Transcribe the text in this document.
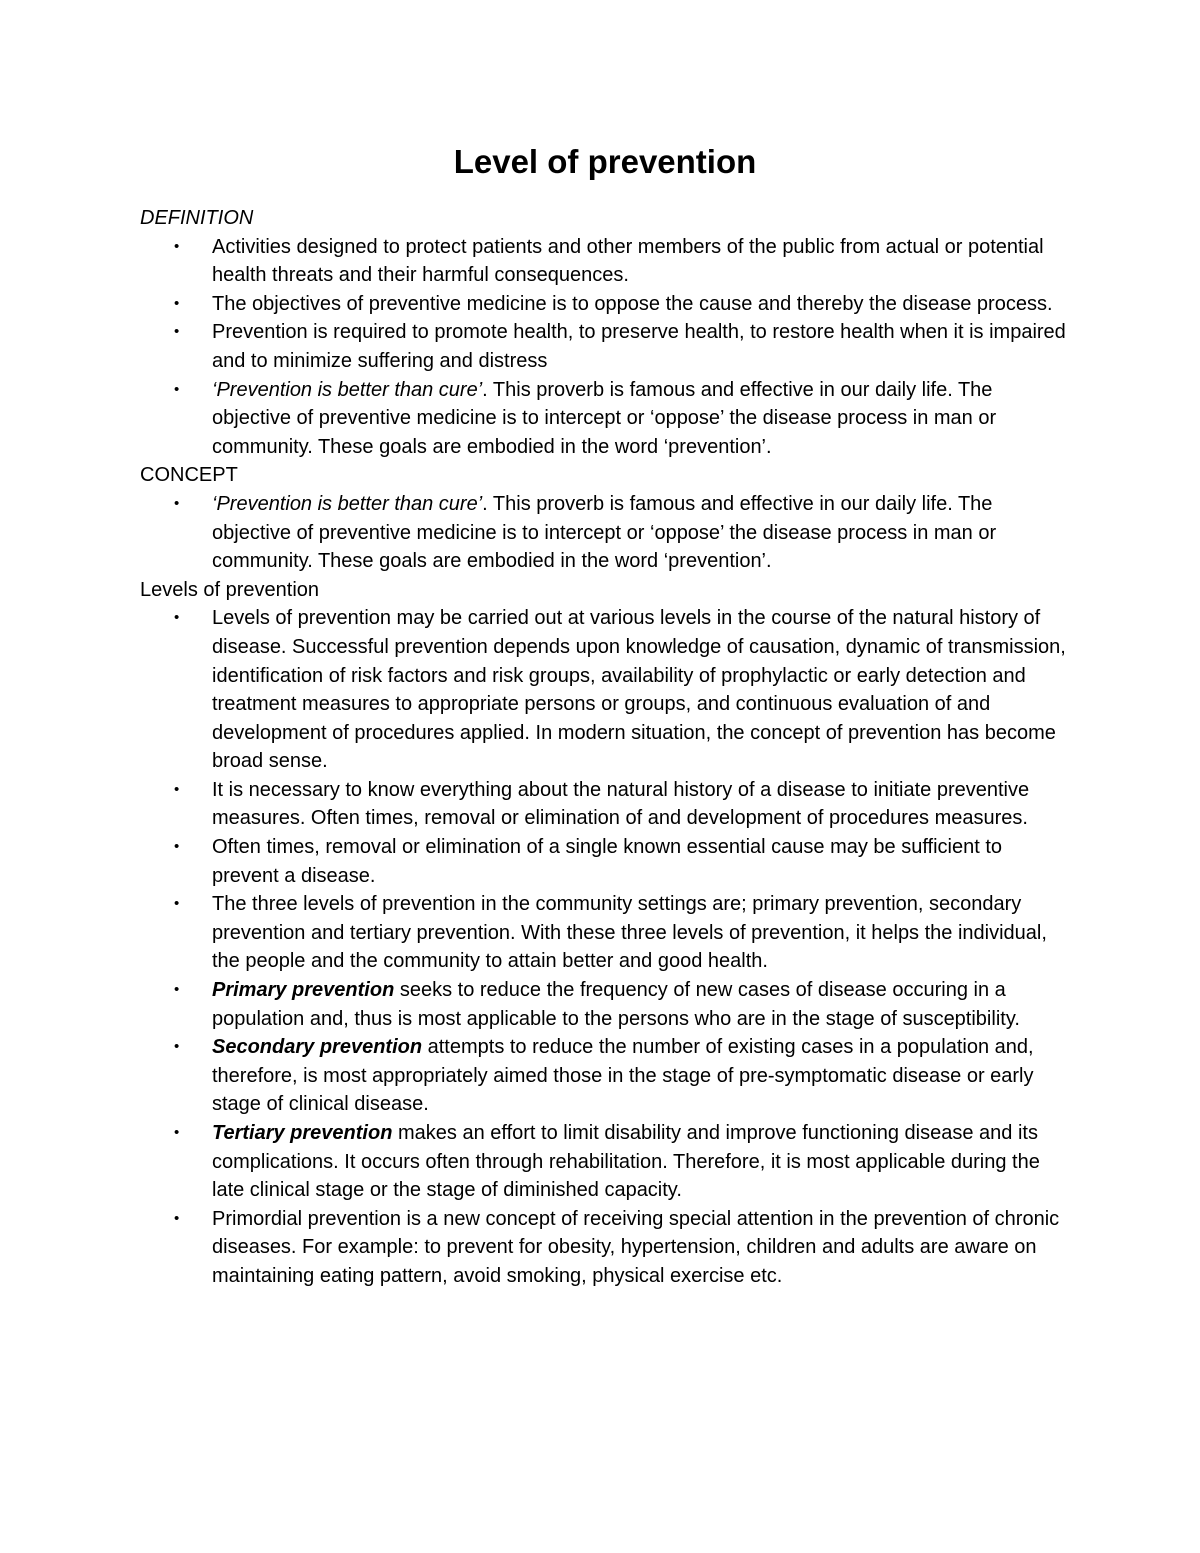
Level of prevention

DEFINITION

• Activities designed to protect patients and other members of the public from actual or potential health threats and their harmful consequences.
• The objectives of preventive medicine is to oppose the cause and thereby the disease process.
• Prevention is required to promote health, to preserve health, to restore health when it is impaired and to minimize suffering and distress
• ‘Prevention is better than cure’. This proverb is famous and effective in our daily life. The objective of preventive medicine is to intercept or ‘oppose’ the disease process in man or community. These goals are embodied in the word ‘prevention’.

CONCEPT

• ‘Prevention is better than cure’. This proverb is famous and effective in our daily life. The objective of preventive medicine is to intercept or ‘oppose’ the disease process in man or community. These goals are embodied in the word ‘prevention’.

Levels of prevention

• Levels of prevention may be carried out at various levels in the course of the natural history of disease. Successful prevention depends upon knowledge of causation, dynamic of transmission, identification of risk factors and risk groups, availability of prophylactic or early detection and treatment measures to appropriate persons or groups, and continuous evaluation of and development of procedures applied. In modern situation, the concept of prevention has become broad sense.
• It is necessary to know everything about the natural history of a disease to initiate preventive measures. Often times, removal or elimination of and development of procedures measures.
• Often times, removal or elimination of a single known essential cause may be sufficient to prevent a disease.
• The three levels of prevention in the community settings are; primary prevention, secondary prevention and tertiary prevention. With these three levels of prevention, it helps the individual, the people and the community to attain better and good health.
• Primary prevention seeks to reduce the frequency of new cases of disease occuring in a population and, thus is most applicable to the persons who are in the stage of susceptibility.
• Secondary prevention attempts to reduce the number of existing cases in a population and, therefore, is most appropriately aimed those in the stage of pre-symptomatic disease or early stage of clinical disease.
• Tertiary prevention makes an effort to limit disability and improve functioning disease and its complications. It occurs often through rehabilitation. Therefore, it is most applicable during the late clinical stage or the stage of diminished capacity.
• Primordial prevention is a new concept of receiving special attention in the prevention of chronic diseases. For example: to prevent for obesity, hypertension, children and adults are aware on maintaining eating pattern, avoid smoking, physical exercise etc.
